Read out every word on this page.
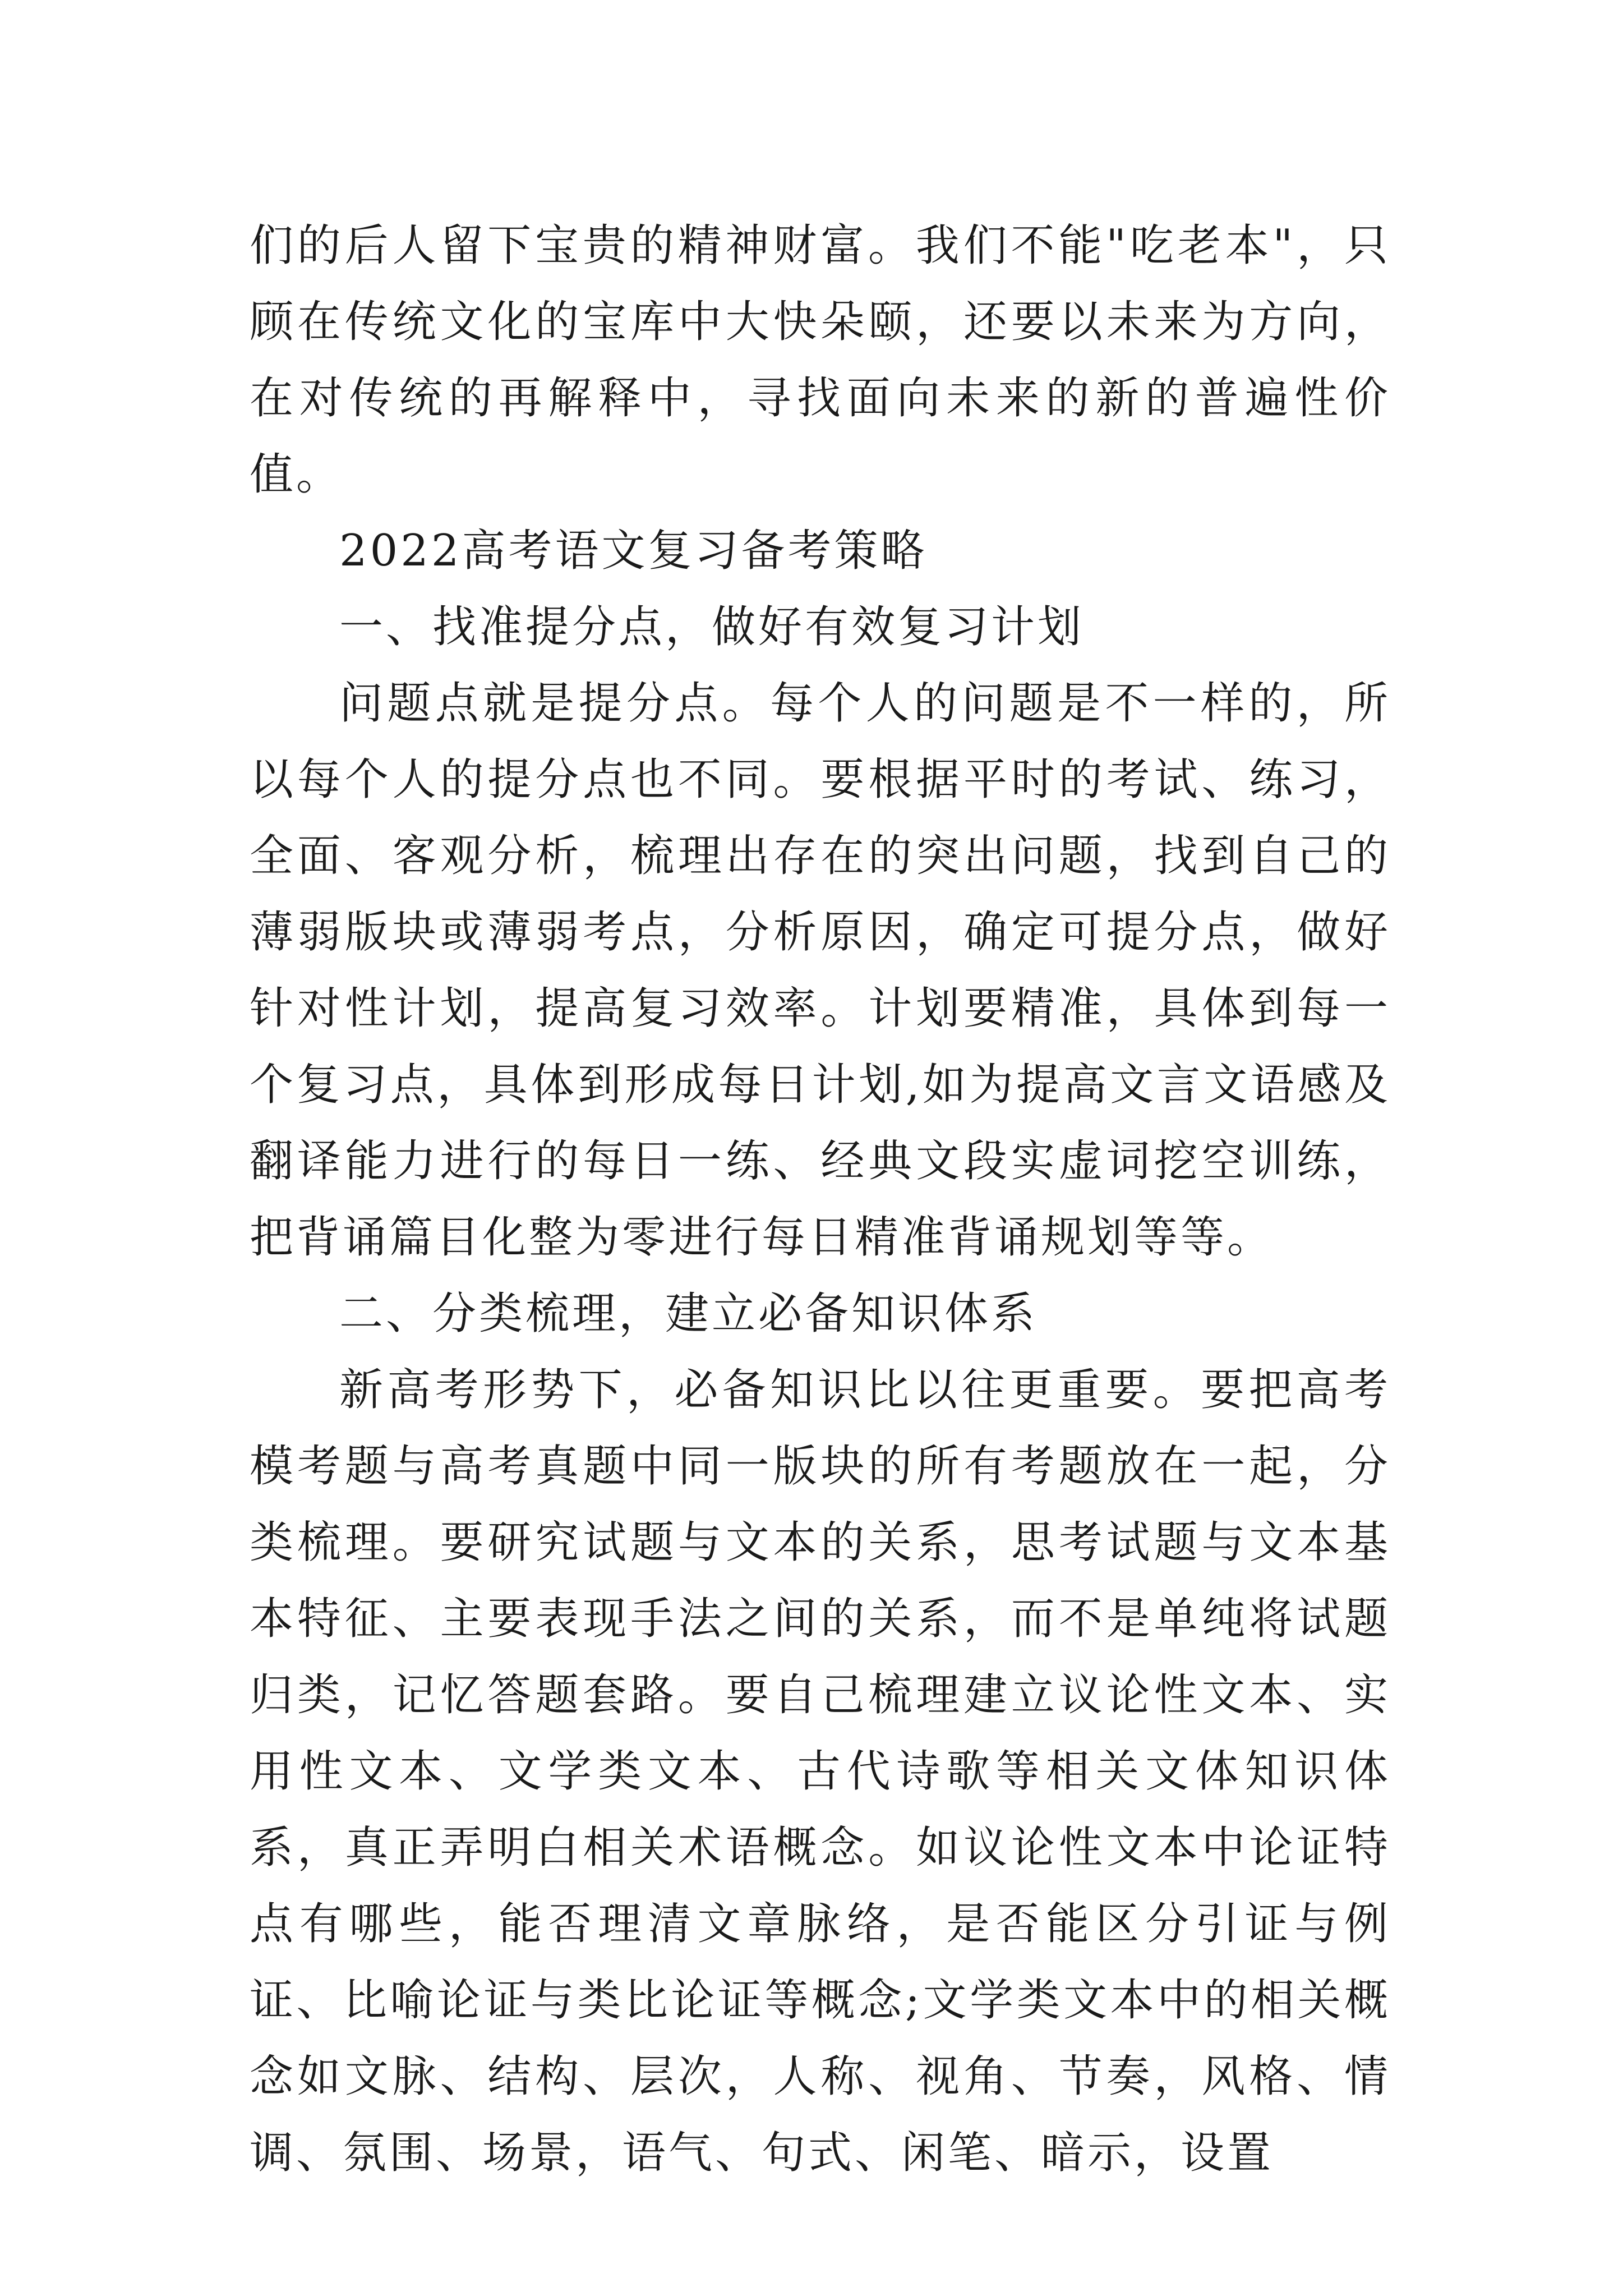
们的后人留下宝贵的精神财富。我们不能"吃老本"，只顾在传统文化的宝库中大快朵颐，还要以未来为方向，在对传统的再解释中，寻找面向未来的新的普遍性价值。

2022高考语文复习备考策略

一、找准提分点，做好有效复习计划

问题点就是提分点。每个人的问题是不一样的，所以每个人的提分点也不同。要根据平时的考试、练习，全面、客观分析，梳理出存在的突出问题，找到自己的薄弱版块或薄弱考点，分析原因，确定可提分点，做好针对性计划，提高复习效率。计划要精准，具体到每一个复习点，具体到形成每日计划,如为提高文言文语感及翻译能力进行的每日一练、经典文段实虚词挖空训练，把背诵篇目化整为零进行每日精准背诵规划等等。

二、分类梳理，建立必备知识体系

新高考形势下，必备知识比以往更重要。要把高考模考题与高考真题中同一版块的所有考题放在一起，分类梳理。要研究试题与文本的关系，思考试题与文本基本特征、主要表现手法之间的关系，而不是单纯将试题归类，记忆答题套路。要自己梳理建立议论性文本、实用性文本、文学类文本、古代诗歌等相关文体知识体系，真正弄明白相关术语概念。如议论性文本中论证特点有哪些，能否理清文章脉络，是否能区分引证与例证、比喻论证与类比论证等概念;文学类文本中的相关概念如文脉、结构、层次，人称、视角、节奏，风格、情调、氛围、场景，语气、句式、闲笔、暗示，设置
